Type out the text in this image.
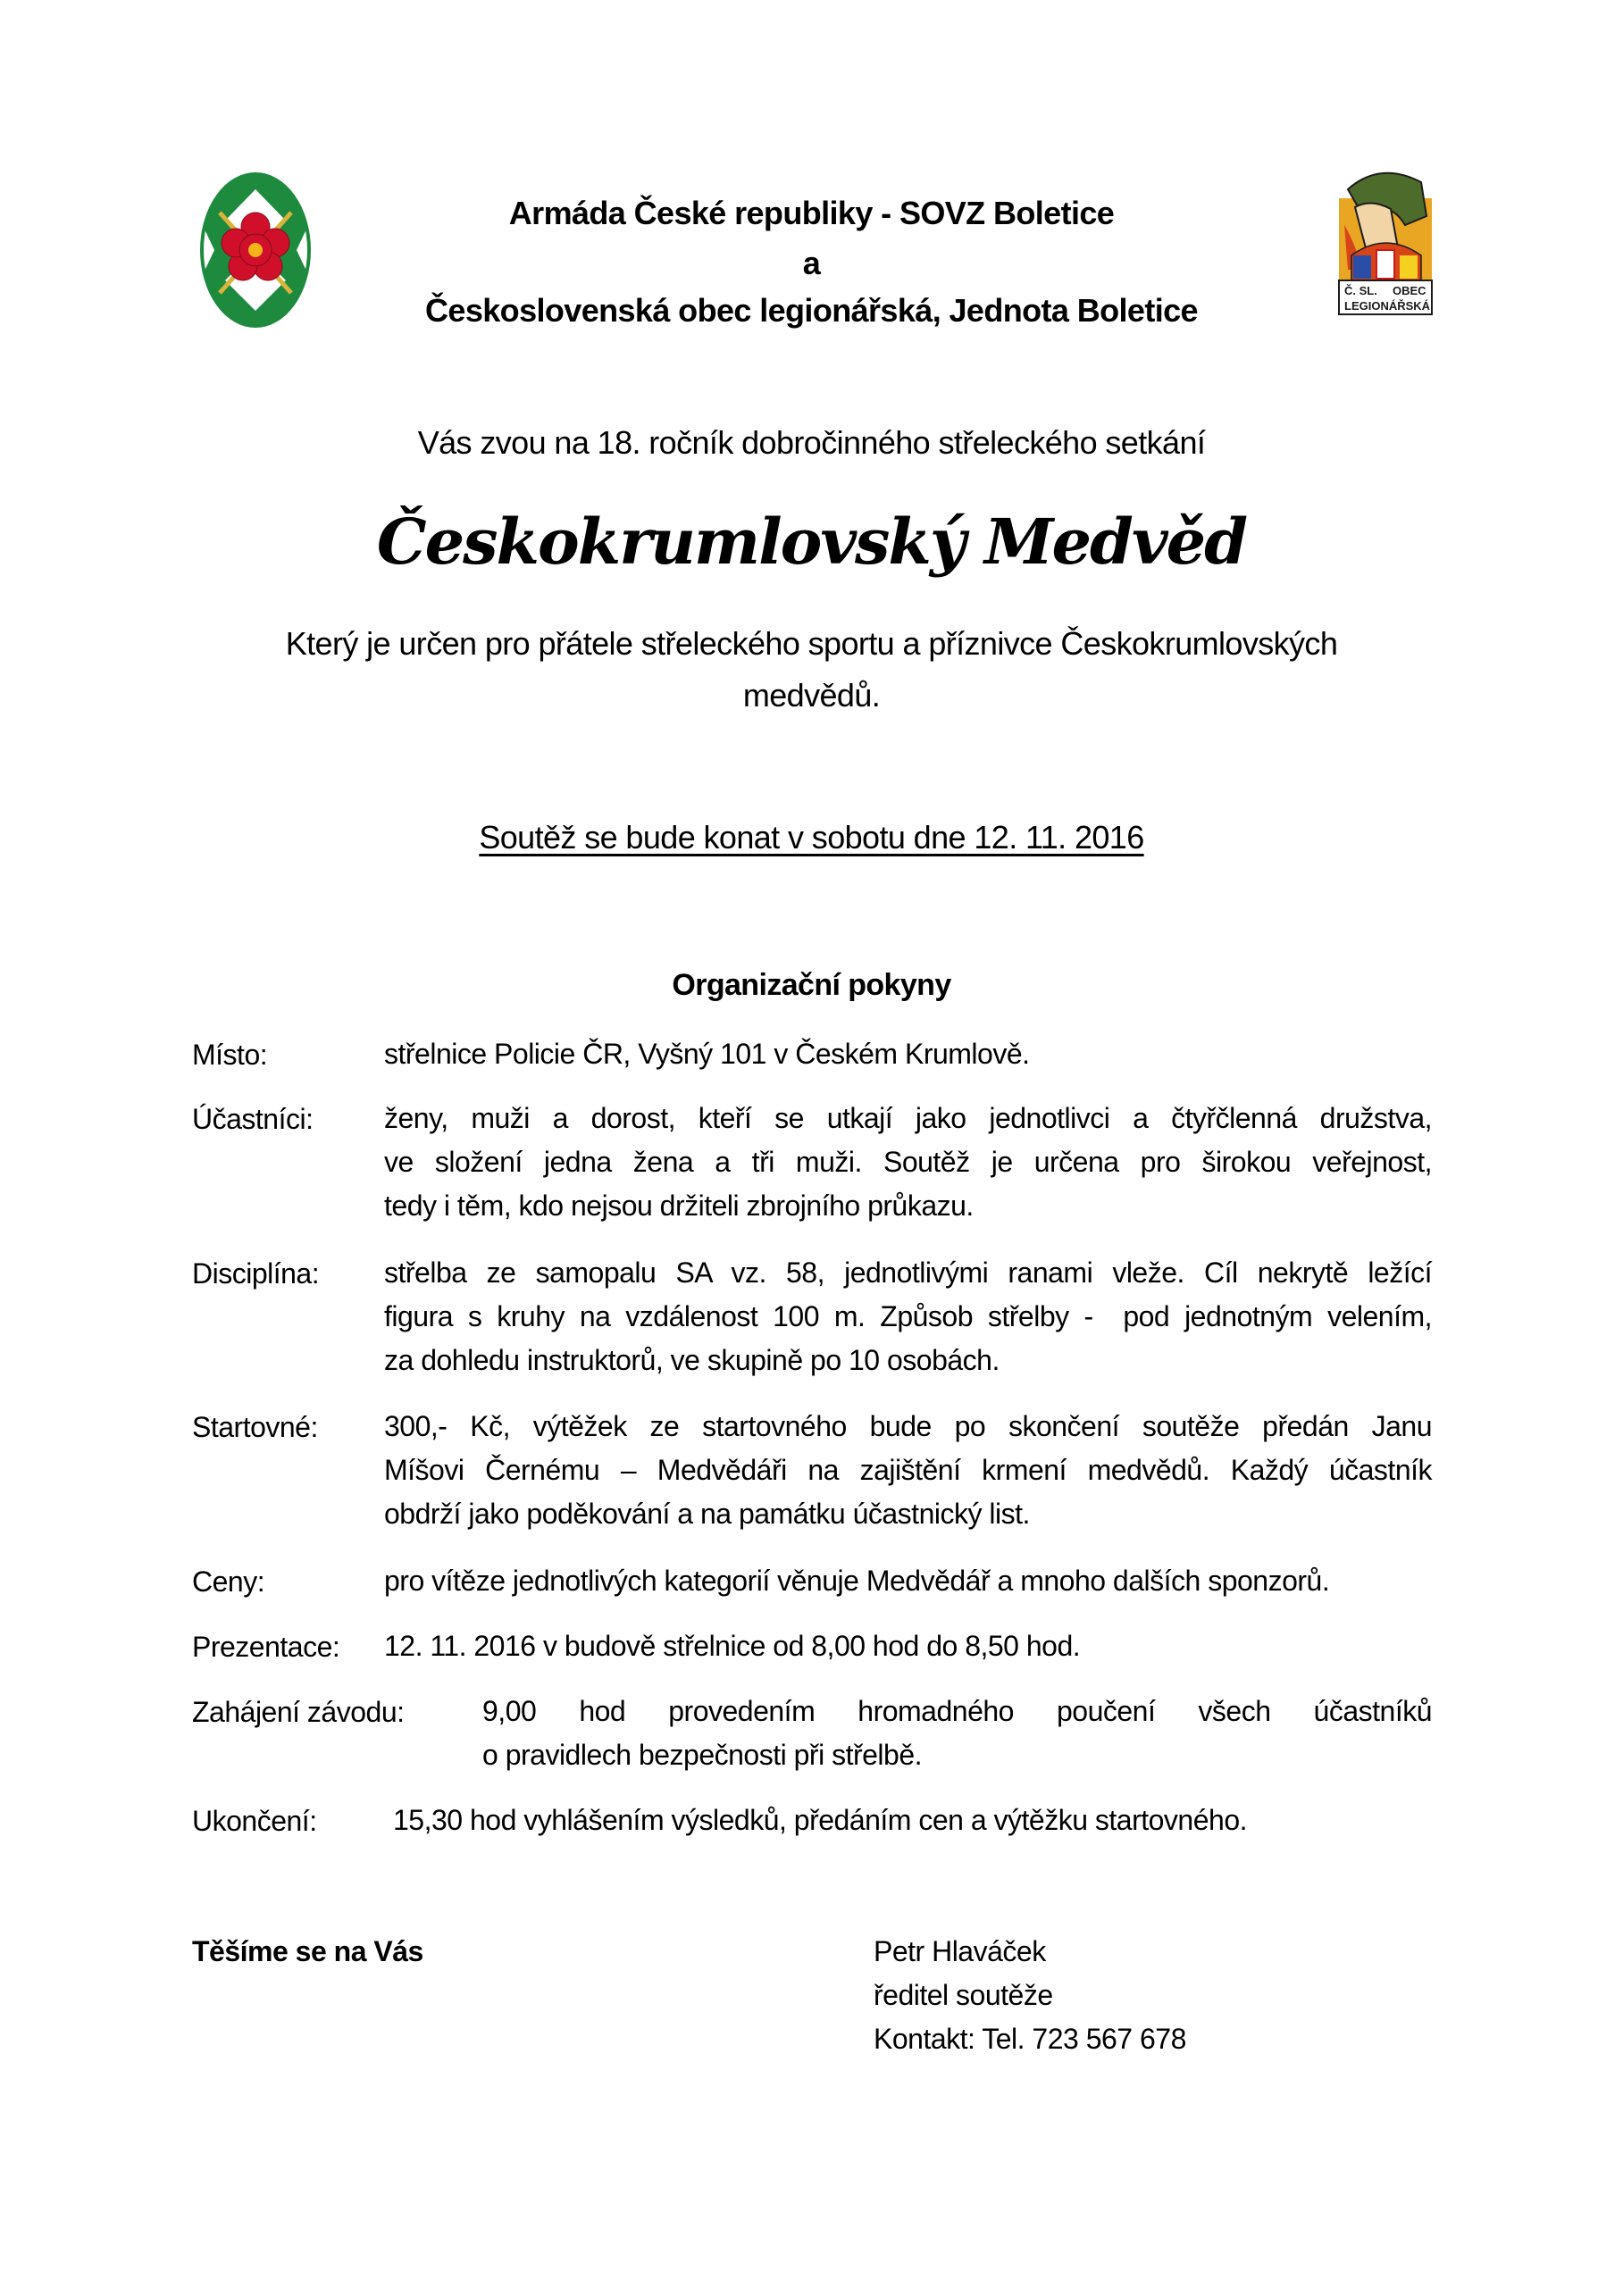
Č. SL. OBEC
LEGIONÁŘSKÁ
Armáda České republiky - SOVZ Boletice
a
Československá obec legionářská, Jednota Boletice
Vás zvou na 18. ročník dobročinného střeleckého setkání
Českokrumlovský Medvěd
Který je určen pro přátele střeleckého sportu a příznivce Českokrumlovských
medvědů.
Soutěž se bude konat v sobotu dne 12. 11. 2016
Organizační pokyny
Místo:	střelnice Policie ČR, Vyšný 101 v Českém Krumlově.
Účastníci: ženy, muži a dorost, kteří se utkají jako jednotlivci a čtyřčlenná družstva,
ve složení jedna žena a tři muži. Soutěž je určena pro širokou veřejnost,
tedy i těm, kdo nejsou držiteli zbrojního průkazu.
Disciplína: střelba ze samopalu SA vz. 58, jednotlivými ranami vleže. Cíl nekrytě ležící
figura s kruhy na vzdálenost 100 m. Způsob střelby -  pod jednotným velením,
za dohledu instruktorů, ve skupině po 10 osobách.
Startovné: 300,- Kč, výtěžek ze startovného bude po skončení soutěže předán Janu
Míšovi Černému – Medvědáři na zajištění krmení medvědů. Každý účastník
obdrží jako poděkování a na památku účastnický list.
Ceny:	pro vítěze jednotlivých kategorií věnuje Medvědář a mnoho dalších sponzorů.
Prezentace: 12. 11. 2016 v budově střelnice od 8,00 hod do 8,50 hod.
Zahájení závodu:	9,00 hod provedením hromadného poučení všech účastníků
o pravidlech bezpečnosti při střelbě.
Ukončení:	15,30 hod vyhlášením výsledků, předáním cen a výtěžku startovného.
Těšíme se na Vás	Petr Hlaváček
ředitel soutěže
Kontakt: Tel. 723 567 678
